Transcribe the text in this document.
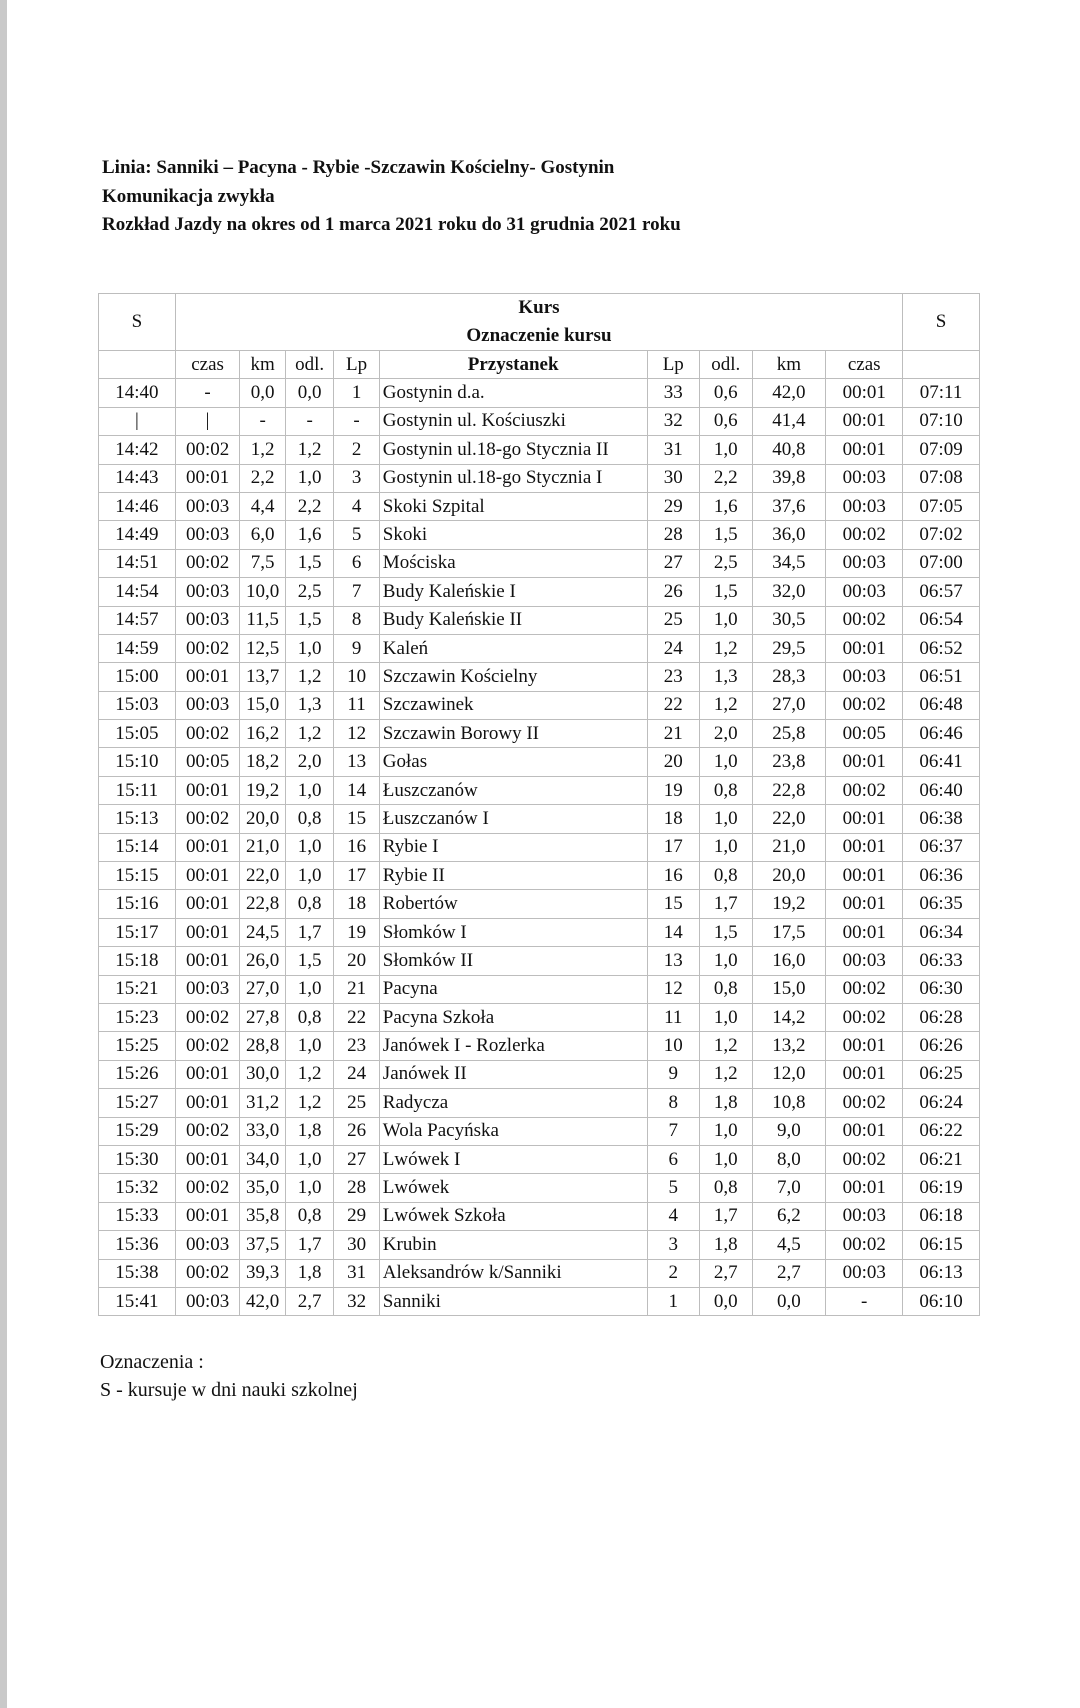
Linia: Sanniki – Pacyna - Rybie -Szczawin Kościelny- Gostynin
Komunikacja zwykła
Rozkład Jazdy na okres od 1 marca 2021 roku do 31 grudnia 2021 roku
S	Kurs									S
	Oznaczenie kursu									
	czas	km	odl.	Lp	Przystanek	Lp	odl.	km	czas	
14:40	-	0,0	0,0	1	Gostynin d.a.	33	0,6	42,0	00:01	07:11
|	|	-	-	-	Gostynin ul. Kościuszki	32	0,6	41,4	00:01	07:10
14:42	00:02	1,2	1,2	2	Gostynin ul.18-go Stycznia II	31	1,0	40,8	00:01	07:09
14:43	00:01	2,2	1,0	3	Gostynin ul.18-go Stycznia I	30	2,2	39,8	00:03	07:08
14:46	00:03	4,4	2,2	4	Skoki Szpital	29	1,6	37,6	00:03	07:05
14:49	00:03	6,0	1,6	5	Skoki	28	1,5	36,0	00:02	07:02
14:51	00:02	7,5	1,5	6	Mościska	27	2,5	34,5	00:03	07:00
14:54	00:03	10,0	2,5	7	Budy Kaleńskie I	26	1,5	32,0	00:03	06:57
14:57	00:03	11,5	1,5	8	Budy Kaleńskie II	25	1,0	30,5	00:02	06:54
14:59	00:02	12,5	1,0	9	Kaleń	24	1,2	29,5	00:01	06:52
15:00	00:01	13,7	1,2	10	Szczawin Kościelny	23	1,3	28,3	00:03	06:51
15:03	00:03	15,0	1,3	11	Szczawinek	22	1,2	27,0	00:02	06:48
15:05	00:02	16,2	1,2	12	Szczawin Borowy II	21	2,0	25,8	00:05	06:46
15:10	00:05	18,2	2,0	13	Gołas	20	1,0	23,8	00:01	06:41
15:11	00:01	19,2	1,0	14	Łuszczanów	19	0,8	22,8	00:02	06:40
15:13	00:02	20,0	0,8	15	Łuszczanów I	18	1,0	22,0	00:01	06:38
15:14	00:01	21,0	1,0	16	Rybie I	17	1,0	21,0	00:01	06:37
15:15	00:01	22,0	1,0	17	Rybie II	16	0,8	20,0	00:01	06:36
15:16	00:01	22,8	0,8	18	Robertów	15	1,7	19,2	00:01	06:35
15:17	00:01	24,5	1,7	19	Słomków I	14	1,5	17,5	00:01	06:34
15:18	00:01	26,0	1,5	20	Słomków II	13	1,0	16,0	00:03	06:33
15:21	00:03	27,0	1,0	21	Pacyna	12	0,8	15,0	00:02	06:30
15:23	00:02	27,8	0,8	22	Pacyna Szkoła	11	1,0	14,2	00:02	06:28
15:25	00:02	28,8	1,0	23	Janówek I - Rozlerka	10	1,2	13,2	00:01	06:26
15:26	00:01	30,0	1,2	24	Janówek II	9	1,2	12,0	00:01	06:25
15:27	00:01	31,2	1,2	25	Radycza	8	1,8	10,8	00:02	06:24
15:29	00:02	33,0	1,8	26	Wola Pacyńska	7	1,0	9,0	00:01	06:22
15:30	00:01	34,0	1,0	27	Lwówek I	6	1,0	8,0	00:02	06:21
15:32	00:02	35,0	1,0	28	Lwówek	5	0,8	7,0	00:01	06:19
15:33	00:01	35,8	0,8	29	Lwówek Szkoła	4	1,7	6,2	00:03	06:18
15:36	00:03	37,5	1,7	30	Krubin	3	1,8	4,5	00:02	06:15
15:38	00:02	39,3	1,8	31	Aleksandrów k/Sanniki	2	2,7	2,7	00:03	06:13
15:41	00:03	42,0	2,7	32	Sanniki	1	0,0	0,0	-	06:10
Oznaczenia :
S - kursuje w dni nauki szkolnej
